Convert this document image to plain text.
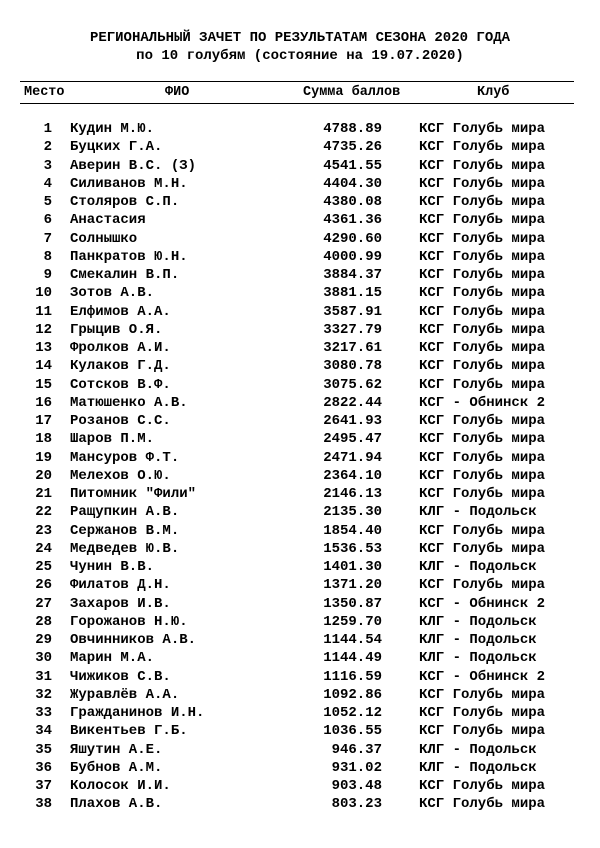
РЕГИОНАЛЬНЫЙ ЗАЧЕТ ПО РЕЗУЛЬТАТАМ СЕЗОНА 2020 ГОДА
по 10 голубям (состояние на 19.07.2020)
Место	ФИО	Сумма баллов	Клуб
1 Кудин М.Ю.	4788.89	КСГ Голубь мира
2 Буцких Г.А.	4735.26	КСГ Голубь мира
3 Аверин В.С. (З)	4541.55	КСГ Голубь мира
4 Силиванов М.Н.	4404.30	КСГ Голубь мира
5 Столяров С.П.	4380.08	КСГ Голубь мира
6 Анастасия	4361.36	КСГ Голубь мира
7 Солнышко	4290.60	КСГ Голубь мира
8 Панкратов Ю.Н.	4000.99	КСГ Голубь мира
9 Смекалин В.П.	3884.37	КСГ Голубь мира
10 Зотов А.В.	3881.15	КСГ Голубь мира
11 Елфимов А.А.	3587.91	КСГ Голубь мира
12 Грыцив О.Я.	3327.79	КСГ Голубь мира
13 Фролков А.И.	3217.61	КСГ Голубь мира
14 Кулаков Г.Д.	3080.78	КСГ Голубь мира
15 Сотсков В.Ф.	3075.62	КСГ Голубь мира
16 Матюшенко А.В.	2822.44	КСГ - Обнинск 2
17 Розанов С.С.	2641.93	КСГ Голубь мира
18 Шаров П.М.	2495.47	КСГ Голубь мира
19 Мансуров Ф.Т.	2471.94	КСГ Голубь мира
20 Мелехов О.Ю.	2364.10	КСГ Голубь мира
21 Питомник "Фили"	2146.13	КСГ Голубь мира
22 Ращупкин А.В.	2135.30	КЛГ - Подольск
23 Сержанов В.М.	1854.40	КСГ Голубь мира
24 Медведев Ю.В.	1536.53	КСГ Голубь мира
25 Чунин В.В.	1401.30	КЛГ - Подольск
26 Филатов Д.Н.	1371.20	КСГ Голубь мира
27 Захаров И.В.	1350.87	КСГ - Обнинск 2
28 Горожанов Н.Ю.	1259.70	КЛГ - Подольск
29 Овчинников А.В.	1144.54	КЛГ - Подольск
30 Марин М.А.	1144.49	КЛГ - Подольск
31 Чижиков С.В.	1116.59	КСГ - Обнинск 2
32 Журавлёв А.А.	1092.86	КСГ Голубь мира
33 Гражданинов И.Н.	1052.12	КСГ Голубь мира
34 Викентьев Г.Б.	1036.55	КСГ Голубь мира
35 Яшутин А.Е.	946.37	КЛГ - Подольск
36 Бубнов А.М.	931.02	КЛГ - Подольск
37 Колосок И.И.	903.48	КСГ Голубь мира
38 Плахов А.В.	803.23	КСГ Голубь мира
